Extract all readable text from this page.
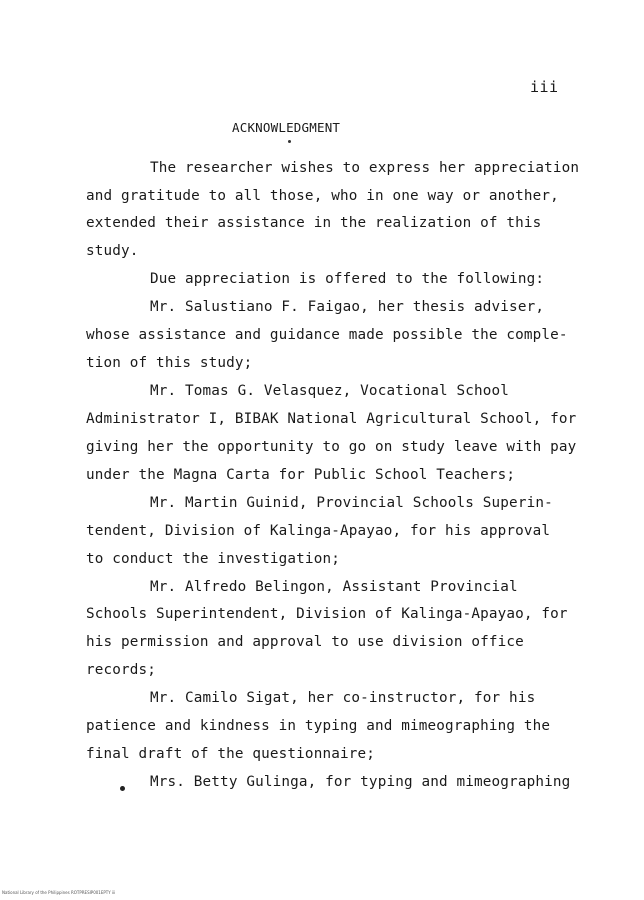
iii
ACKNOWLEDGMENT
The researcher wishes to express her appreciation
and gratitude to all those, who in one way or another,
extended their assistance in the realization of this
study.
Due appreciation is offered to the following:
Mr. Salustiano F. Faigao, her thesis adviser,
whose assistance and guidance made possible the comple-
tion of this study;
Mr. Tomas G. Velasquez, Vocational School
Administrator I, BIBAK National Agricultural School, for
giving her the opportunity to go on study leave with pay
under the Magna Carta for Public School Teachers;
Mr. Martin Guinid, Provincial Schools Superin-
tendent, Division of Kalinga-Apayao, for his approval
to conduct the investigation;
Mr. Alfredo Belingon, Assistant Provincial
Schools Superintendent, Division of Kalinga-Apayao, for
his permission and approval to use division office
records;
Mr. Camilo Sigat, her co-instructor, for his
patience and kindness in typing and mimeographing the
final draft of the questionnaire;
Mrs. Betty Gulinga, for typing and mimeographing
National Library of the Philippines ROTPRESIP001EPTY iii
